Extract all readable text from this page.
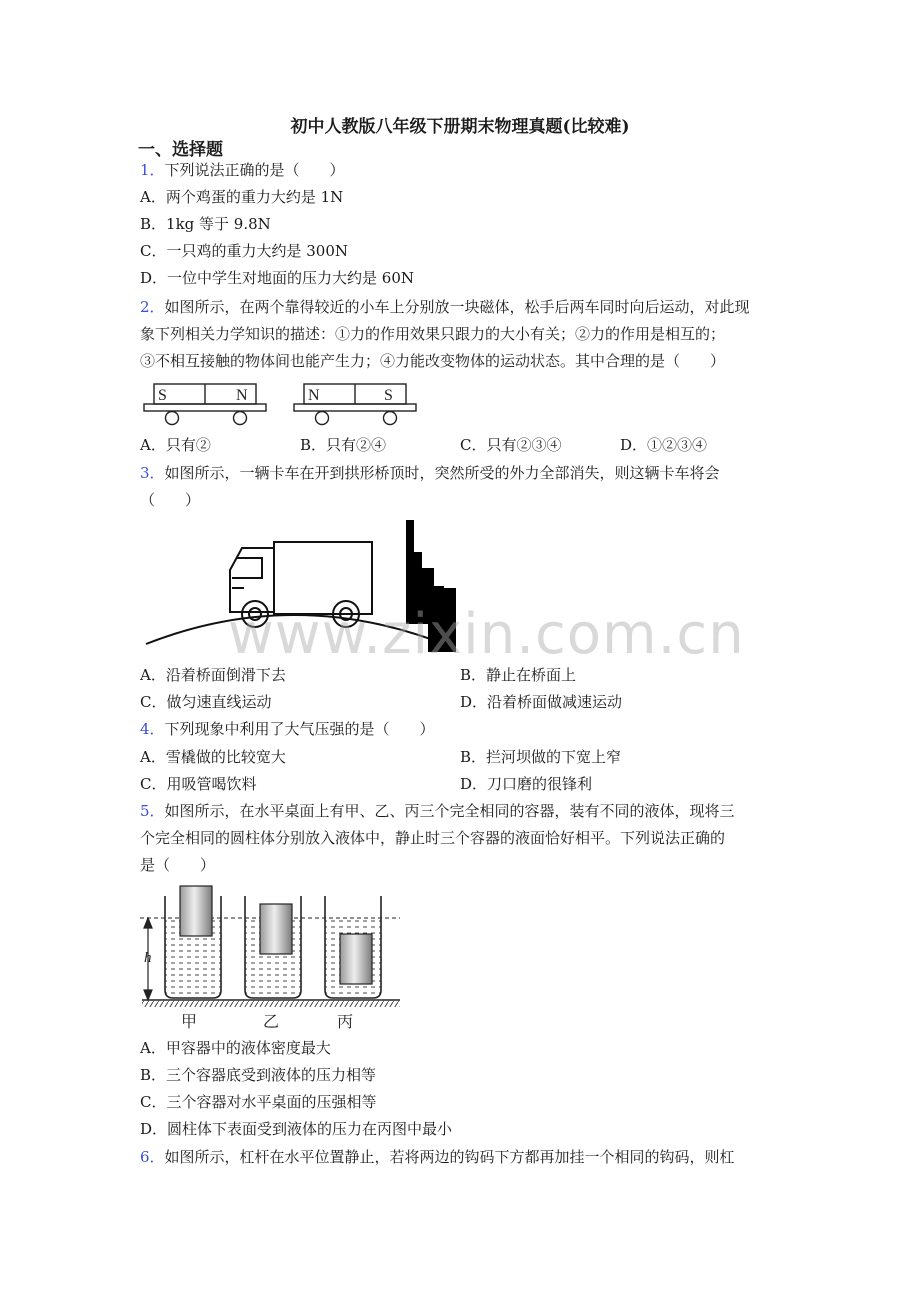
初中人教版八年级下册期末物理真题(比较难)
一、选择题
1．下列说法正确的是（　　）
A．两个鸡蛋的重力大约是 1N
B．1kg 等于 9.8N
C．一只鸡的重力大约是 300N
D．一位中学生对地面的压力大约是 60N
2．如图所示，在两个靠得较近的小车上分别放一块磁体，松手后两车同时向后运动，对此现
象下列相关力学知识的描述：①力的作用效果只跟力的大小有关；②力的作用是相互的；
③不相互接触的物体间也能产生力；④力能改变物体的运动状态。其中合理的是（　　）
S	N	N	S
A．只有②	B．只有②④	C．只有②③④	D．①②③④
3．如图所示，一辆卡车在开到拱形桥顶时，突然所受的外力全部消失，则这辆卡车将会
（　　）
www.zixin.com.cn
A．沿着桥面倒滑下去	B．静止在桥面上
C．做匀速直线运动	D．沿着桥面做减速运动
4．下列现象中利用了大气压强的是（　　）
A．雪橇做的比较宽大	B．拦河坝做的下宽上窄
C．用吸管喝饮料	D．刀口磨的很锋利
5．如图所示，在水平桌面上有甲、乙、丙三个完全相同的容器，装有不同的液体，现将三
个完全相同的圆柱体分别放入液体中，静止时三个容器的液面恰好相平。下列说法正确的
是（　　）
h
甲	乙	丙
A．甲容器中的液体密度最大
B．三个容器底受到液体的压力相等
C．三个容器对水平桌面的压强相等
D．圆柱体下表面受到液体的压力在丙图中最小
6．如图所示，杠杆在水平位置静止，若将两边的钩码下方都再加挂一个相同的钩码，则杠
